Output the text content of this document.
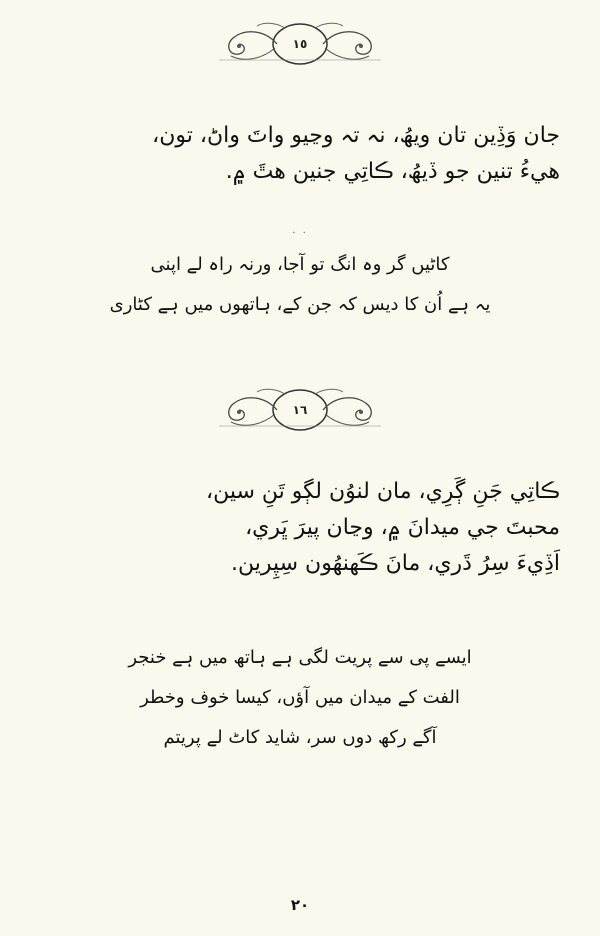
١٥
جان وَڏِين تان ويھُ، نہ تہ وڃيو واتَ واڻ، تون،
ھيءُ تنين جو ڏيھُ، ڪاتِي جنين ھٿَ ۾.
· ·
کاٹیں گر وہ انگ تو آجا، ورنہ راہ لے اپنی
یہ ہے اُن کا دیس کہ جن کے، ہاتھوں میں ہے کٹاری
١٦
ڪاتِي جَنِ ڳَرِي، مان لنوُن لڳو تَنِ سين،
محبتَ جي ميدانَ ۾، وڃان پيرَ ڀَري،
اَڏِيءَ سِرُ ڌَري، مانَ ڪَھنھُون سِپِرين.
ایسے پی سے پریت لگی ہے ہاتھ میں ہے خنجر
الفت کے میدان میں آؤں، کیسا خوف وخطر
آگے رکھ دوں سر، شاید کاٹ لے پریتم
٢٠
